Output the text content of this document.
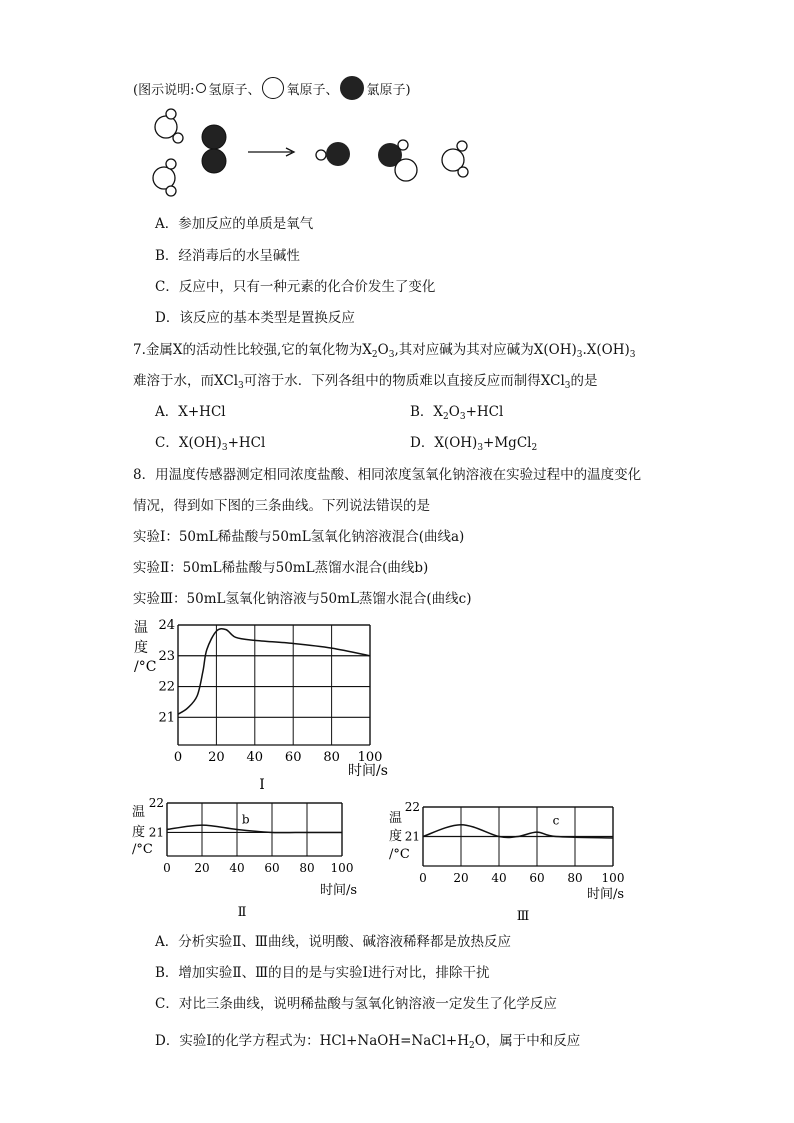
(图示说明: 氢原子、 氧原子、 氯原子)
A．参加反应的单质是氧气
B．经消毒后的水呈碱性
C．反应中，只有一种元素的化合价发生了变化
D．该反应的基本类型是置换反应
7.金属X的活动性比较强,它的氧化物为$X_2O_3$,其对应碱为其对应碱为$X(OH)_3.X(OH)_3$
难溶于水，而XCl$_3$可溶于水．下列各组中的物质难以直接反应而制得XCl$_3$的是
A．X+HCl	B．$X_2O_3+HCl$
C．$X(OH)_3+HCl$	D．$X(OH)_3+MgCl_2$
8．用温度传感器测定相同浓度盐酸、相同浓度氢氧化钠溶液在实验过程中的温度变化
情况，得到如下图的三条曲线。下列说法错误的是
实验Ⅰ：50mL稀盐酸与50mL氢氧化钠溶液混合(曲线a)
实验Ⅱ：50mL稀盐酸与50mL蒸馏水混合(曲线b)
实验Ⅲ：50mL氢氧化钠溶液与50mL蒸馏水混合(曲线c)
21
22
23
24
0 20 40 60 80 100
温
度
/°C
时间/s
Ⅰ
21
22
0 20 40 60 80 100
温
度
/°C
时间/s
Ⅱ
b
21
22
0 20 40 60 80 100
温
度
/°C
时间/s
Ⅲ
c
A．分析实验Ⅱ、Ⅲ曲线，说明酸、碱溶液稀释都是放热反应
B．增加实验Ⅱ、Ⅲ的目的是与实验Ⅰ进行对比，排除干扰
C．对比三条曲线，说明稀盐酸与氢氧化钠溶液一定发生了化学反应
D．实验Ⅰ的化学方程式为：$HCl+NaOH=NaCl+H_2O$，属于中和反应
